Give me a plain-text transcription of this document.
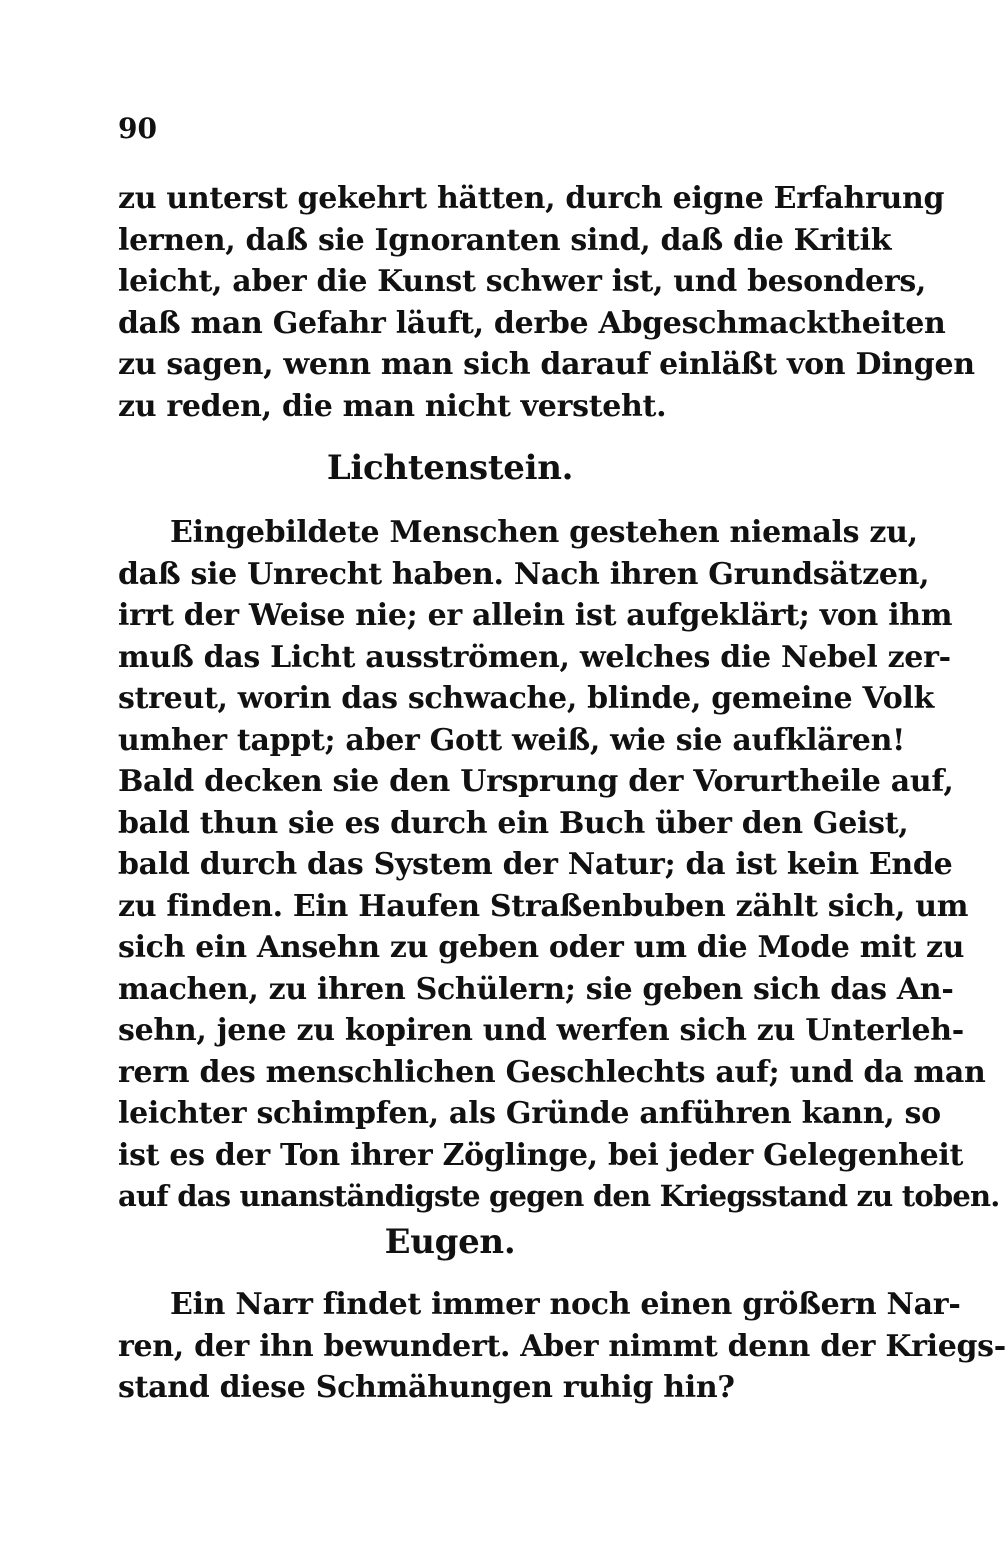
90

zu unterst gekehrt hätten, durch eigne Erfahrung
lernen, daß sie Ignoranten sind, daß die Kritik
leicht, aber die Kunst schwer ist, und besonders,
daß man Gefahr läuft, derbe Abgeschmacktheiten
zu sagen, wenn man sich darauf einläßt von Dingen
zu reden, die man nicht versteht.
Lichtenstein.
Eingebildete Menschen gestehen niemals zu,
daß sie Unrecht haben. Nach ihren Grundsätzen,
irrt der Weise nie; er allein ist aufgeklärt; von ihm
muß das Licht ausströmen, welches die Nebel zer-
streut, worin das schwache, blinde, gemeine Volk
umher tappt; aber Gott weiß, wie sie aufklären!
Bald decken sie den Ursprung der Vorurtheile auf,
bald thun sie es durch ein Buch über den Geist,
bald durch das System der Natur; da ist kein Ende
zu finden. Ein Haufen Straßenbuben zählt sich, um
sich ein Ansehn zu geben oder um die Mode mit zu
machen, zu ihren Schülern; sie geben sich das An-
sehn, jene zu kopiren und werfen sich zu Unterleh-
rern des menschlichen Geschlechts auf; und da man
leichter schimpfen, als Gründe anführen kann, so
ist es der Ton ihrer Zöglinge, bei jeder Gelegenheit
auf das unanständigste gegen den Kriegsstand zu toben.
Eugen.
Ein Narr findet immer noch einen größern Nar-
ren, der ihn bewundert. Aber nimmt denn der Kriegs-
stand diese Schmähungen ruhig hin?
